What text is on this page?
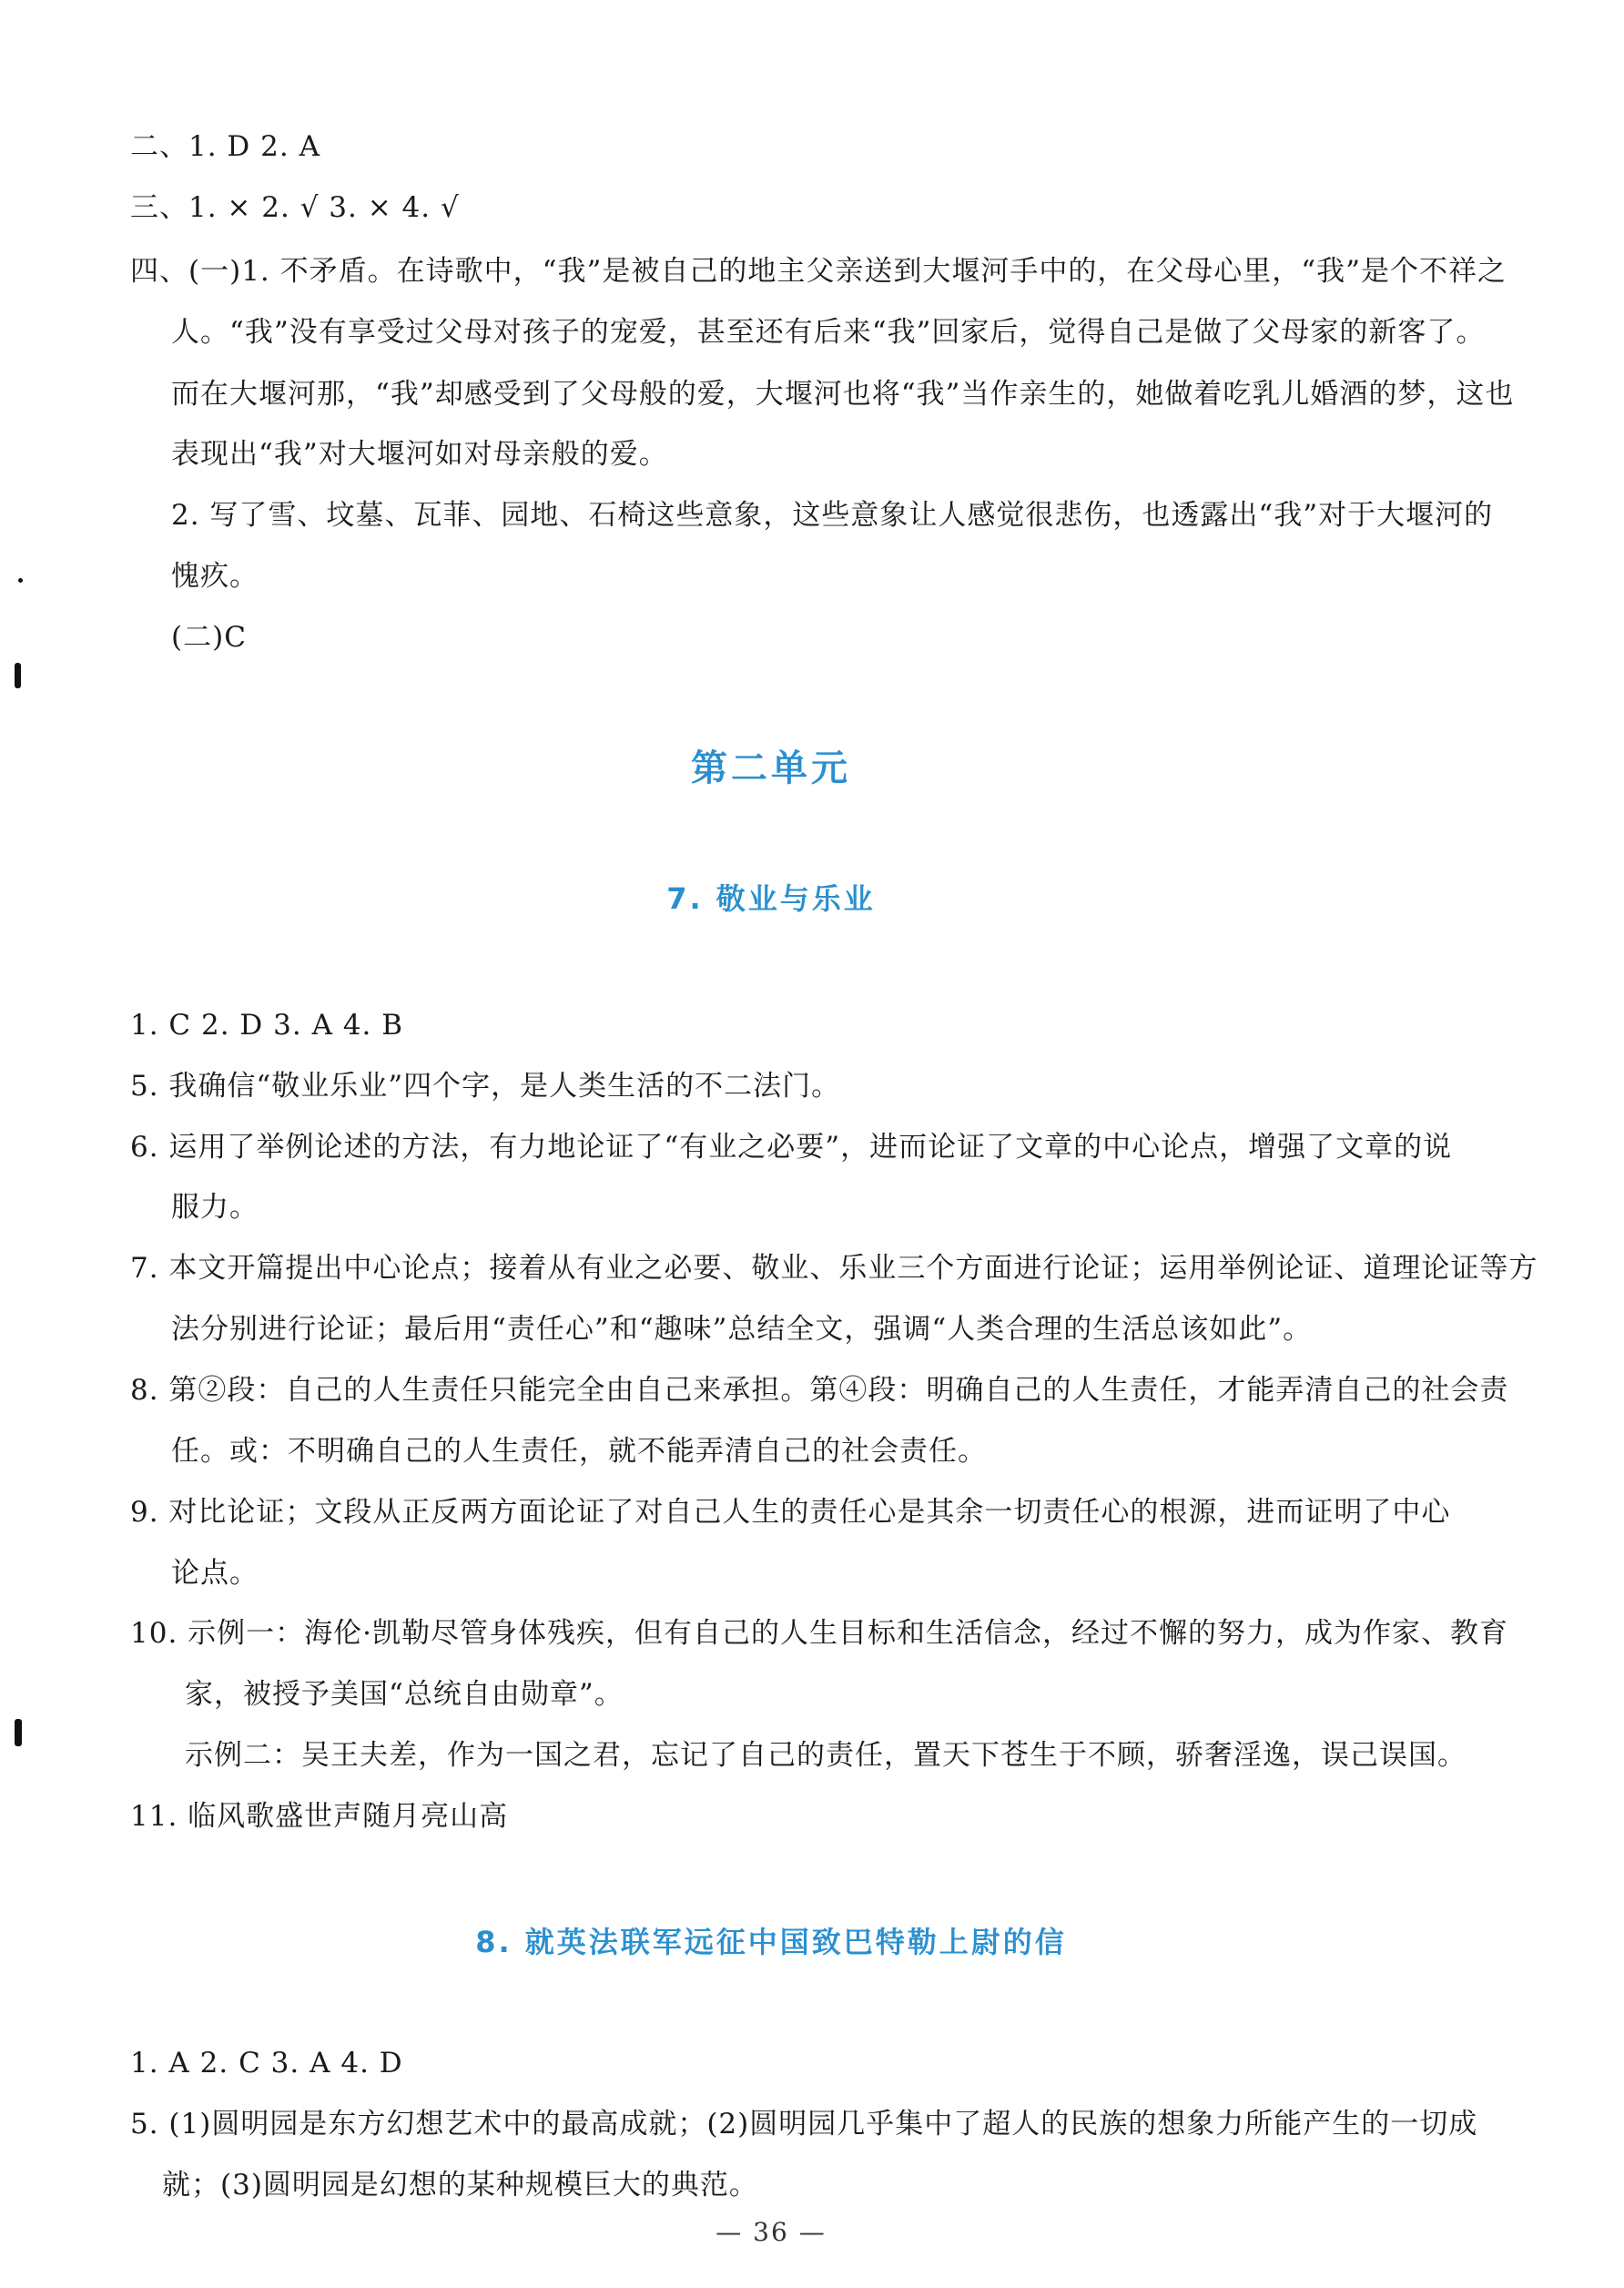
二、1. D 2. A
三、1. × 2. √ 3. × 4. √
四、(一)1. 不矛盾。在诗歌中，“我”是被自己的地主父亲送到大堰河手中的，在父母心里，“我”是个不祥之
人。“我”没有享受过父母对孩子的宠爱，甚至还有后来“我”回家后，觉得自己是做了父母家的新客了。
而在大堰河那，“我”却感受到了父母般的爱，大堰河也将“我”当作亲生的，她做着吃乳儿婚酒的梦，这也
表现出“我”对大堰河如对母亲般的爱。
2. 写了雪、坟墓、瓦菲、园地、石椅这些意象，这些意象让人感觉很悲伤，也透露出“我”对于大堰河的
愧疚。
(二)C
第二单元
7. 敬业与乐业
1. C 2. D 3. A 4. B
5. 我确信“敬业乐业”四个字，是人类生活的不二法门。
6. 运用了举例论述的方法，有力地论证了“有业之必要”，进而论证了文章的中心论点，增强了文章的说
服力。
7. 本文开篇提出中心论点；接着从有业之必要、敬业、乐业三个方面进行论证；运用举例论证、道理论证等方
法分别进行论证；最后用“责任心”和“趣味”总结全文，强调“人类合理的生活总该如此”。
8. 第②段：自己的人生责任只能完全由自己来承担。第④段：明确自己的人生责任，才能弄清自己的社会责
任。或：不明确自己的人生责任，就不能弄清自己的社会责任。
9. 对比论证；文段从正反两方面论证了对自己人生的责任心是其余一切责任心的根源，进而证明了中心
论点。
10. 示例一：海伦·凯勒尽管身体残疾，但有自己的人生目标和生活信念，经过不懈的努力，成为作家、教育
家，被授予美国“总统自由勋章”。
示例二：吴王夫差，作为一国之君，忘记了自己的责任，置天下苍生于不顾，骄奢淫逸，误己误国。
11. 临风歌盛世声随月亮山高
8. 就英法联军远征中国致巴特勒上尉的信
1. A 2. C 3. A 4. D
5. (1)圆明园是东方幻想艺术中的最高成就；(2)圆明园几乎集中了超人的民族的想象力所能产生的一切成
就；(3)圆明园是幻想的某种规模巨大的典范。
— 36 —
